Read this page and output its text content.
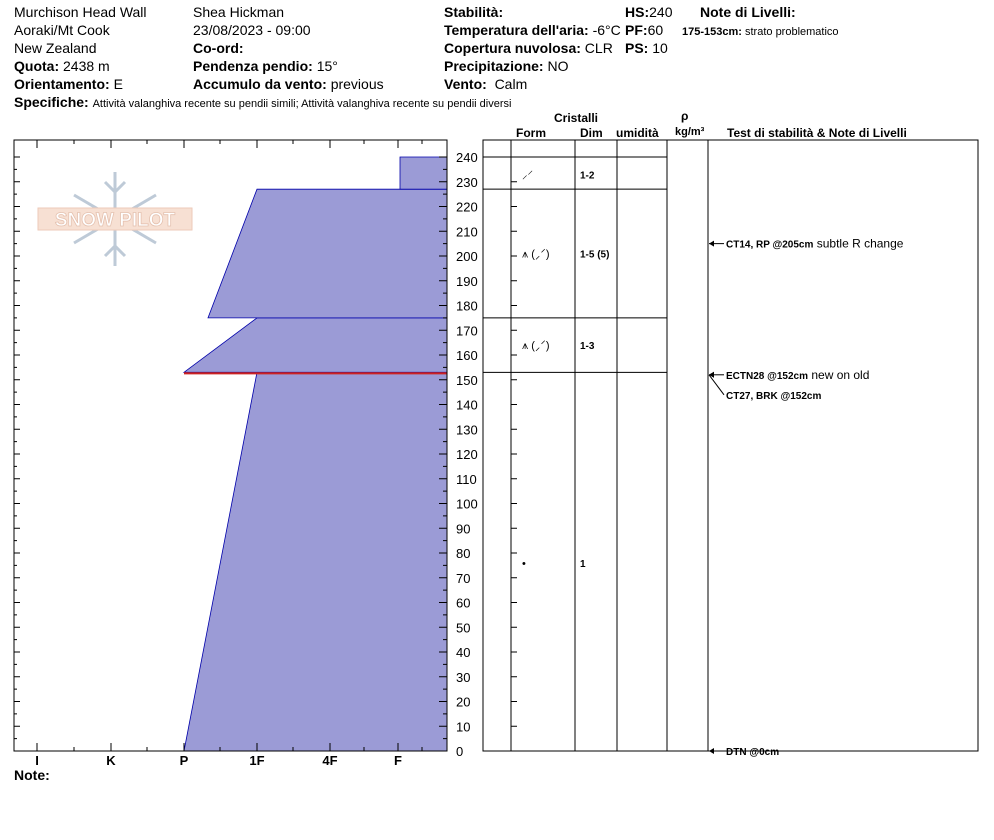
Murchison Head Wall
Aoraki/Mt Cook
New Zealand
Quota: 2438 m
Orientamento: E
Shea Hickman
23/08/2023 - 09:00
Co-ord:
Pendenza pendio: 15°
Accumulo da vento: previous
Stabilità:
Temperatura dell'aria: -6°C
Copertura nuvolosa: CLR
Precipitazione: NO
Vento: Calm
HS:240
PF:60
PS: 10
Note di Livelli:
175-153cm: strato problematico
Specifiche: Attività valanghiva recente su pendii simili; Attività valanghiva recente su pendii diversi
Cristalli
Form	Dim umidità
ρ
kg/m³ Test di stabilità & Note di Livelli
Note:
SNOW PILOT
0
10
20
30
40
50
60
70
80
90
100
110
120
130
140
150
160
170
180
190
200
210
220
230
240
I	K	P	1F	4F	F
⸝⸍	1-2
⩚ (⸝⸍)	1-5 (5)
⩚ (⸝⸍)	1-3
•	1
CT14, RP @205cm subtle R change
ECTN28 @152cm new on old
CT27, BRK @152cm
DTN @0cm
